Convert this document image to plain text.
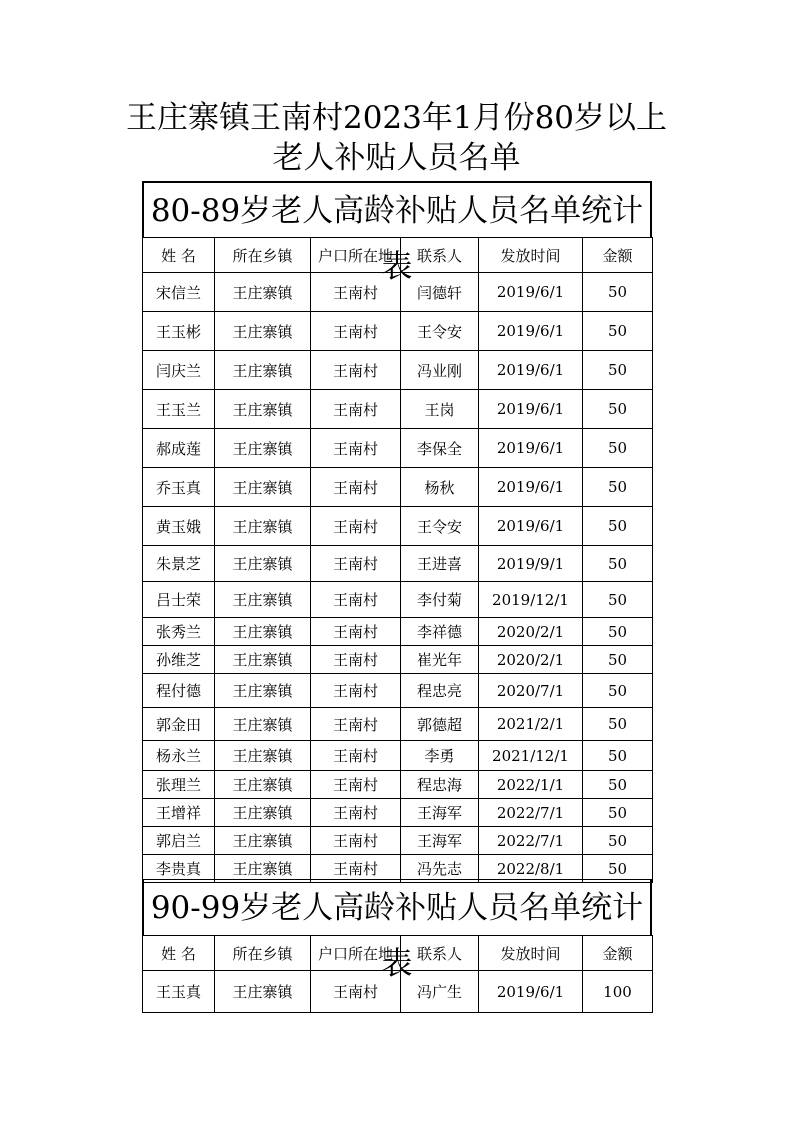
王庄寨镇王南村2023年1月份80岁以上
老人补贴人员名单
80-89岁老人高龄补贴人员名单统计表
姓 名	所在乡镇	户口所在地	联系人	发放时间	金额
宋信兰	王庄寨镇	王南村	闫德轩	2019/6/1	50
王玉彬	王庄寨镇	王南村	王令安	2019/6/1	50
闫庆兰	王庄寨镇	王南村	冯业刚	2019/6/1	50
王玉兰	王庄寨镇	王南村	王岗	2019/6/1	50
郝成莲	王庄寨镇	王南村	李保全	2019/6/1	50
乔玉真	王庄寨镇	王南村	杨秋	2019/6/1	50
黄玉娥	王庄寨镇	王南村	王令安	2019/6/1	50
朱景芝	王庄寨镇	王南村	王进喜	2019/9/1	50
吕士荣	王庄寨镇	王南村	李付菊	2019/12/1	50
张秀兰	王庄寨镇	王南村	李祥德	2020/2/1	50
孙维芝	王庄寨镇	王南村	崔光年	2020/2/1	50
程付德	王庄寨镇	王南村	程忠亮	2020/7/1	50
郭金田	王庄寨镇	王南村	郭德超	2021/2/1	50
杨永兰	王庄寨镇	王南村	李勇	2021/12/1	50
张理兰	王庄寨镇	王南村	程忠海	2022/1/1	50
王增祥	王庄寨镇	王南村	王海军	2022/7/1	50
郭启兰	王庄寨镇	王南村	王海军	2022/7/1	50
李贵真	王庄寨镇	王南村	冯先志	2022/8/1	50
90-99岁老人高龄补贴人员名单统计表
姓 名	所在乡镇	户口所在地	联系人	发放时间	金额
王玉真	王庄寨镇	王南村	冯广生	2019/6/1	100
